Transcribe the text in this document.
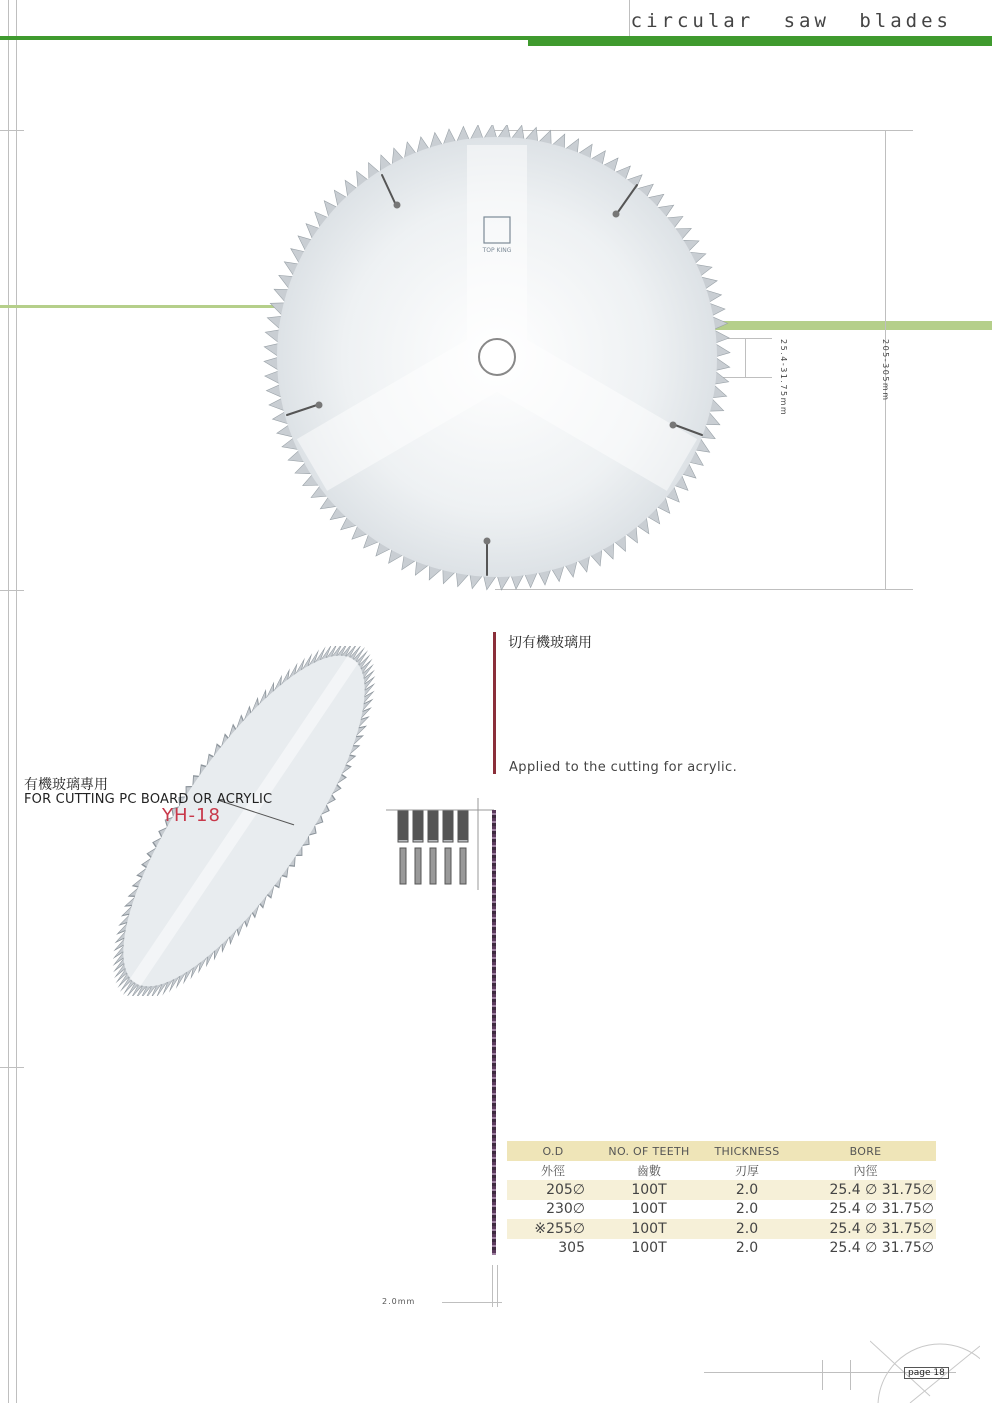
circular saw blades
25.4-31.75mm	205-305mm
TOP KING
有機玻璃專用
FOR CUTTING PC BOARD OR ACRYLIC
YH-18
切有機玻璃用
Applied to the cutting for acrylic.
O.D	NO. OF TEETH	THICKNESS	BORE
外徑	齒數	刃厚	內徑
205∅	100T	2.0	25.4 ∅ 31.75∅
230∅	100T	2.0	25.4 ∅ 31.75∅
※255∅	100T	2.0	25.4 ∅ 31.75∅
305	100T	2.0	25.4 ∅ 31.75∅
2.0mm
page 18
